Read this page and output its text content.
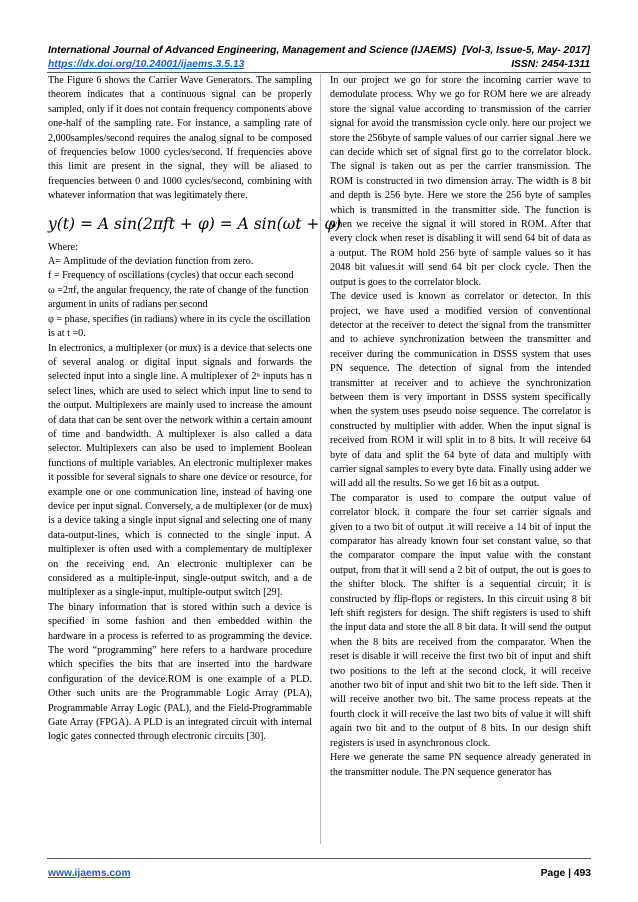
International Journal of Advanced Engineering, Management and Science (IJAEMS) [Vol-3, Issue-5, May- 2017]
https://dx.doi.org/10.24001/ijaems.3.5.13	ISSN: 2454-1311

The Figure 6 shows the Carrier Wave Generators. The sampling theorem indicates that a continuous signal can be properly sampled, only if it does not contain frequency components above one-half of the sampling rate. For instance, a sampling rate of 2,000samples/second requires the analog signal to be composed of frequencies below 1000 cycles/second. If frequencies above this limit are present in the signal, they will be aliased to frequencies between 0 and 1000 cycles/second, combining with whatever information that was legitimately there.

y(t) = A sin(2πft + φ) = A sin(ωt + φ)

Where:

A= Amplitude of the deviation function from zero.

f = Frequency of oscillations (cycles) that occur each second

ω =2πf, the angular frequency, the rate of change of the function argument in units of radians per second

φ = phase, specifies (in radians) where in its cycle the oscillation is at t =0.

In electronics, a multiplexer (or mux) is a device that selects one of several analog or digital input signals and forwards the selected input into a single line. A multiplexer of 2ⁿ inputs has n select lines, which are used to select which input line to send to the output. Multiplexers are mainly used to increase the amount of data that can be sent over the network within a certain amount of time and bandwidth. A multiplexer is also called a data selector. Multiplexers can also be used to implement Boolean functions of multiple variables. An electronic multiplexer makes it possible for several signals to share one device or resource, for example one or one communication line, instead of having one device per input signal. Conversely, a de multiplexer (or de mux) is a device taking a single input signal and selecting one of many data-output-lines, which is connected to the single input. A multiplexer is often used with a complementary de multiplexer on the receiving end. An electronic multiplexer can be considered as a multiple-input, single-output switch, and a de multiplexer as a single-input, multiple-output switch [29].

The binary information that is stored within such a device is specified in some fashion and then embedded within the hardware in a process is referred to as programming the device. The word “programming” here refers to a hardware procedure which specifies the bits that are inserted into the hardware configuration of the device.ROM is one example of a PLD. Other such units are the Programmable Logic Array (PLA), Programmable Array Logic (PAL), and the Field-Programmable Gate Array (FPGA). A PLD is an integrated circuit with internal logic gates connected through electronic circuits [30].

In our project we go for store the incoming carrier wave to demodulate process. Why we go for ROM here we are already store the signal value according to transmission of the carrier signal for avoid the transmission cycle only. here our project we store the 256byte of sample values of our carrier signal .here we can decide which set of signal first go to the correlator block. The signal is taken out as per the carrier transmission. The ROM is constructed in two dimension array. The width is 8 bit and depth is 256 byte. Here we store the 256 byte of samples which is transmitted in the transmitter side. The function is when we receive the signal it will stored in ROM. After that every clock when reset is disabling it will send 64 bit of data as a output. The ROM hold 256 byte of sample values so it has 2048 bit values.it will send 64 bit per clock cycle. Then the output is goes to the correlator block.

The device used is known as correlator or detector. In this project, we have used a modified version of conventional detector at the receiver to detect the signal from the transmitter and to achieve synchronization between the transmitter and receiver during the communication in DSSS system that uses PN sequence. The detection of signal from the intended transmitter at receiver and to achieve the synchronization between them is very important in DSSS system specifically when the system uses pseudo noise sequence. The correlator is constructed by multiplier with adder. When the input signal is received from ROM it will split in to 8 bits. It will receive 64 byte of data and split the 64 byte of data and multiply with carrier signal samples to every byte data. Finally using adder we will add all the results. So we get 16 bit as a output.

The comparator is used to compare the output value of correlator block. it compare the four set carrier signals and given to a two bit of output .it will receive a 14 bit of input the comparator has already known four set constant value, so that the comparator compare the input value with the constant output, from that it will send a 2 bit of output, the out is goes to the shifter block. The shifter is a sequential circuit; it is constructed by flip-flops or registers. In this circuit using 8 bit left shift registers for design. The shift registers is used to shift the input data and store the all 8 bit data. It will send the output when the 8 bits are received from the comparator. When the reset is disable it will receive the first two bit of input and shift two positions to the left at the second clock, it will receive another two bit of input and shit two bit to the left side. Then it will receive another two bit. The same process repeats at the fourth clock it will receive the last two bits of value it will shift again two bit and to the output of 8 bits. In our design shift registers is used in asynchronous clock.

Here we generate the same PN sequence already generated in the transmitter nodule. The PN sequence generator has

www.ijaems.com	Page | 493
